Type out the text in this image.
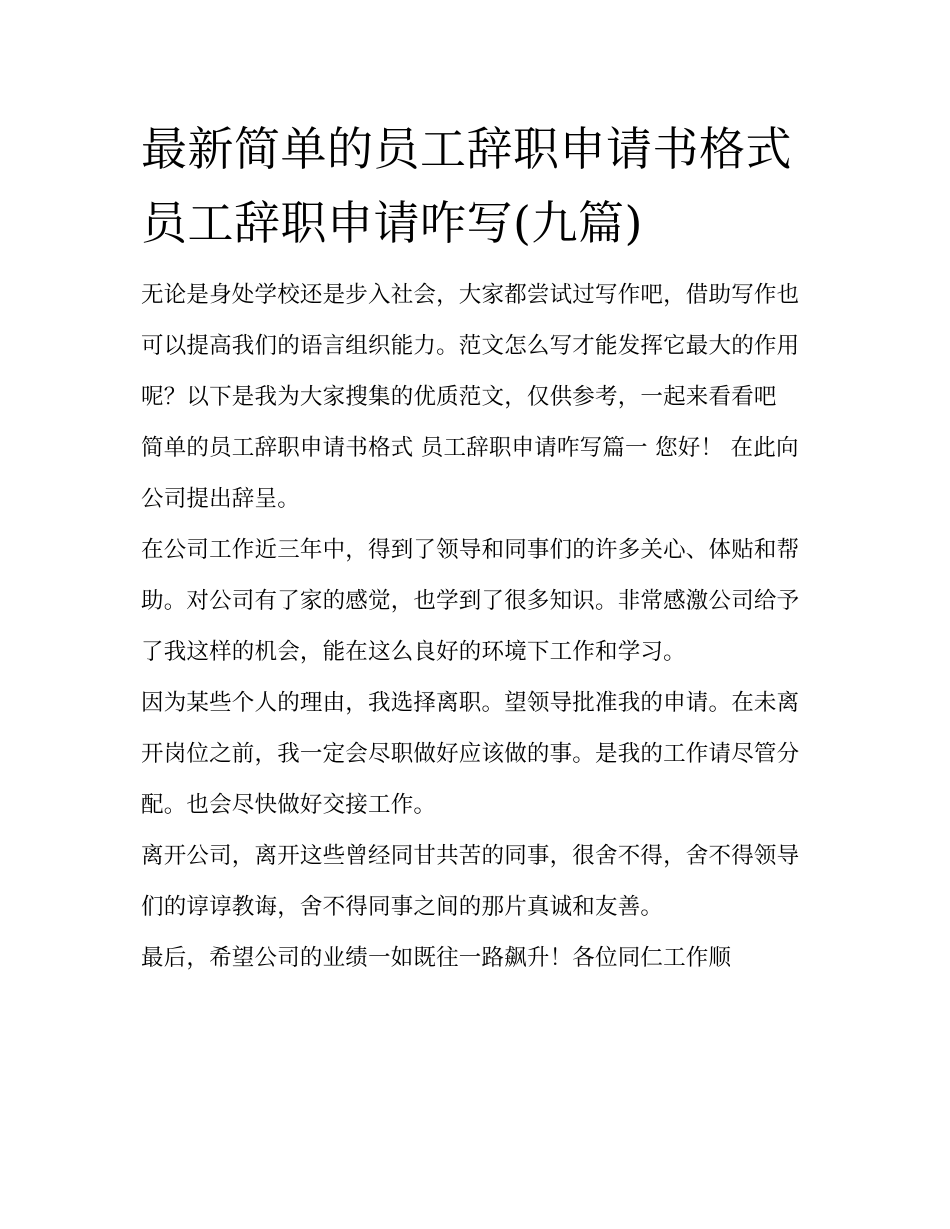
最新简单的员工辞职申请书格式 员工辞职申请咋写(九篇)

无论是身处学校还是步入社会，大家都尝试过写作吧，借助写作也可以提高我们的语言组织能力。范文怎么写才能发挥它最大的作用呢？以下是我为大家搜集的优质范文，仅供参考，一起来看看吧

简单的员工辞职申请书格式 员工辞职申请咋写篇一 您好！ 在此向公司提出辞呈。

在公司工作近三年中，得到了领导和同事们的许多关心、体贴和帮助。对公司有了家的感觉，也学到了很多知识。非常感激公司给予了我这样的机会，能在这么良好的环境下工作和学习。

因为某些个人的理由，我选择离职。望领导批准我的申请。在未离开岗位之前，我一定会尽职做好应该做的事。是我的工作请尽管分配。也会尽快做好交接工作。

离开公司，离开这些曾经同甘共苦的同事，很舍不得，舍不得领导们的谆谆教诲，舍不得同事之间的那片真诚和友善。

最后，希望公司的业绩一如既往一路飙升！各位同仁工作顺
